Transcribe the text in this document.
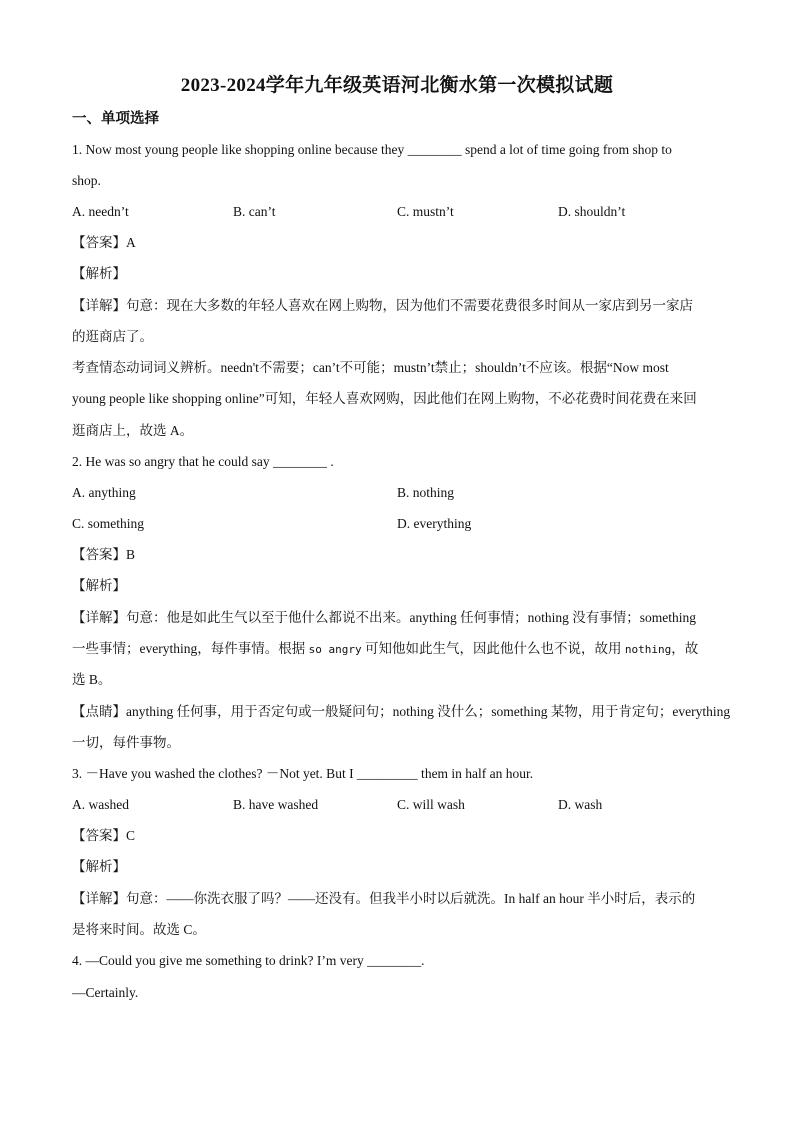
2023-2024学年九年级英语河北衡水第一次模拟试题
一、单项选择
1. Now most young people like shopping online because they ________ spend a lot of time going from shop to
shop.
A. needn’t	B. can’t	C. mustn’t	D. shouldn’t
【答案】A
【解析】
【详解】句意：现在大多数的年轻人喜欢在网上购物，因为他们不需要花费很多时间从一家店到另一家店
的逛商店了。
考查情态动词词义辨析。needn't不需要；can’t不可能；mustn’t禁止；shouldn’t不应该。根据“Now most
young people like shopping online”可知，年轻人喜欢网购，因此他们在网上购物，不必花费时间花费在来回
逛商店上，故选 A。
2. He was so angry that he could say ________ .
A. anything	B. nothing
C. something	D. everything
【答案】B
【解析】
【详解】句意：他是如此生气以至于他什么都说不出来。anything 任何事情；nothing 没有事情；something
一些事情；everything，每件事情。根据 so angry 可知他如此生气，因此他什么也不说，故用 nothing，故
选 B。
【点睛】anything 任何事，用于否定句或一般疑问句；nothing 没什么；something 某物，用于肯定句；everything
一切，每件事物。
3. －Have you washed the clothes? －Not yet. But I _________ them in half an hour.
A. washed	B. have washed	C. will wash	D. wash
【答案】C
【解析】
【详解】句意：——你洗衣服了吗？——还没有。但我半小时以后就洗。In half an hour 半小时后，表示的
是将来时间。故选 C。
4. —Could you give me something to drink? I’m very ________.
—Certainly.
